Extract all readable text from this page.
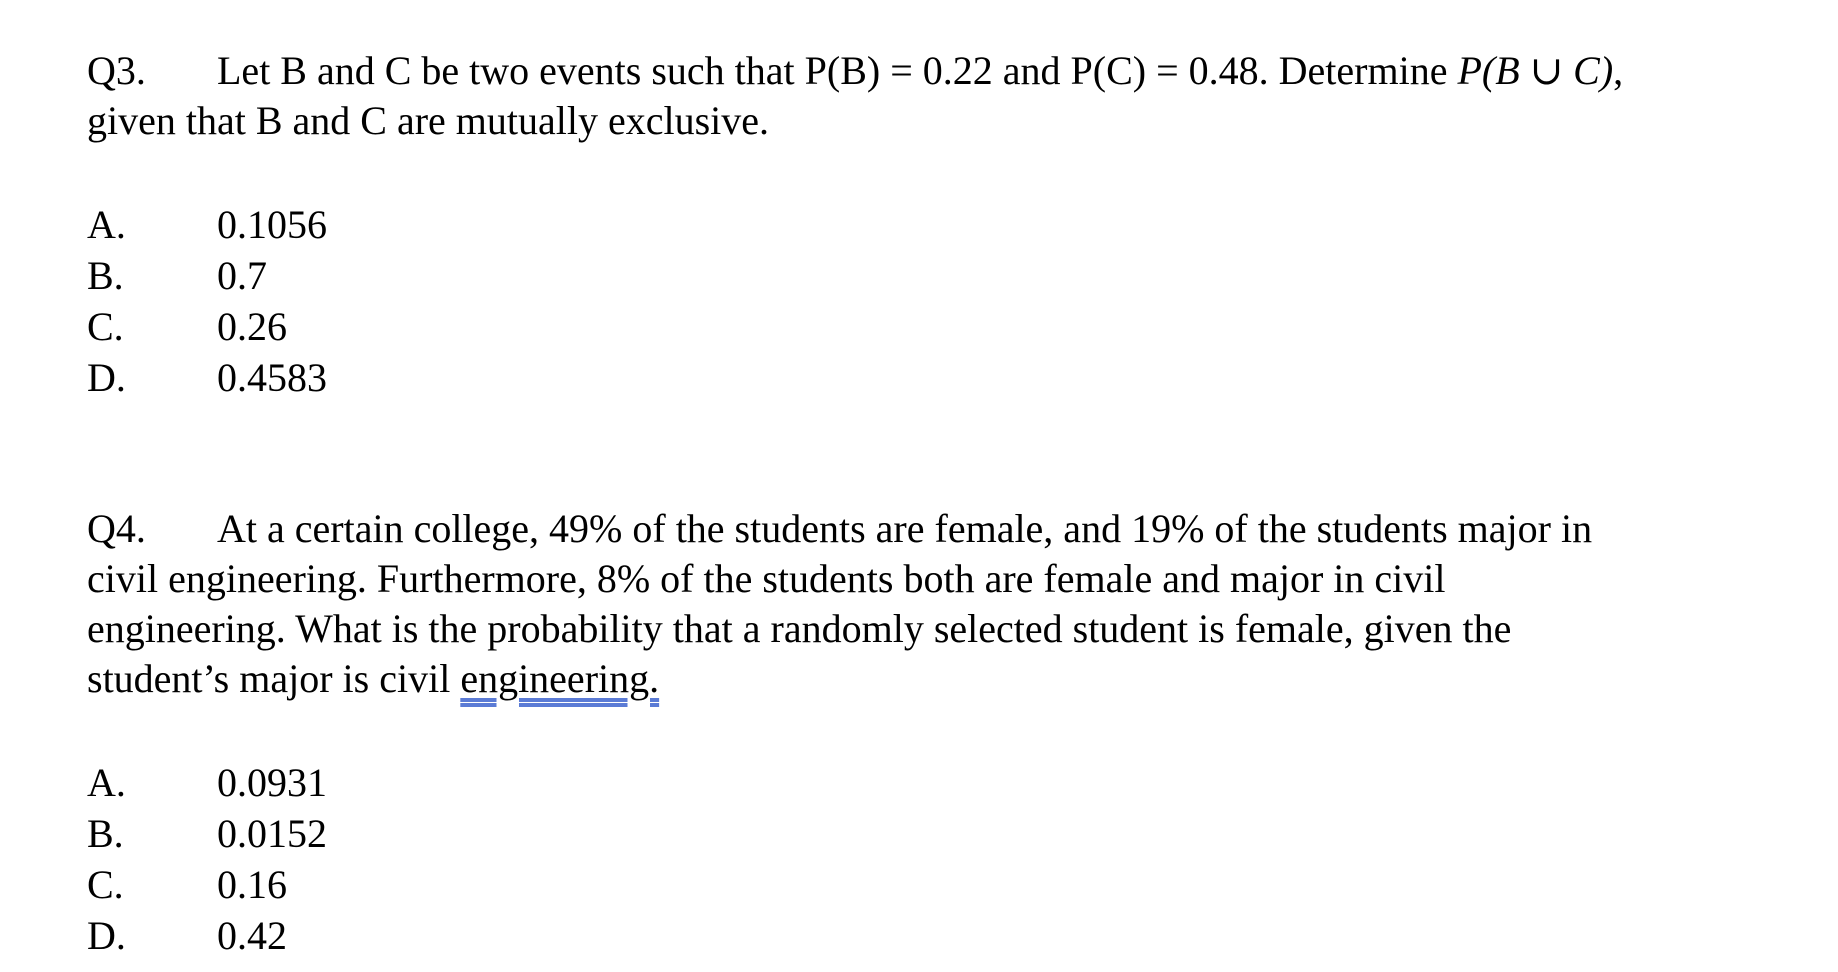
Q3. Let B and C be two events such that P(B) = 0.22 and P(C) = 0.48. Determine P(B ∪ C),

given that B and C are mutually exclusive.

A. 0.1056
B. 0.7
C. 0.26
D. 0.4583

Q4. At a certain college, 49% of the students are female, and 19% of the students major in

civil engineering. Furthermore, 8% of the students both are female and major in civil

engineering. What is the probability that a randomly selected student is female, given the

student’s major is civil engineering.

A. 0.0931
B. 0.0152
C. 0.16
D. 0.42
